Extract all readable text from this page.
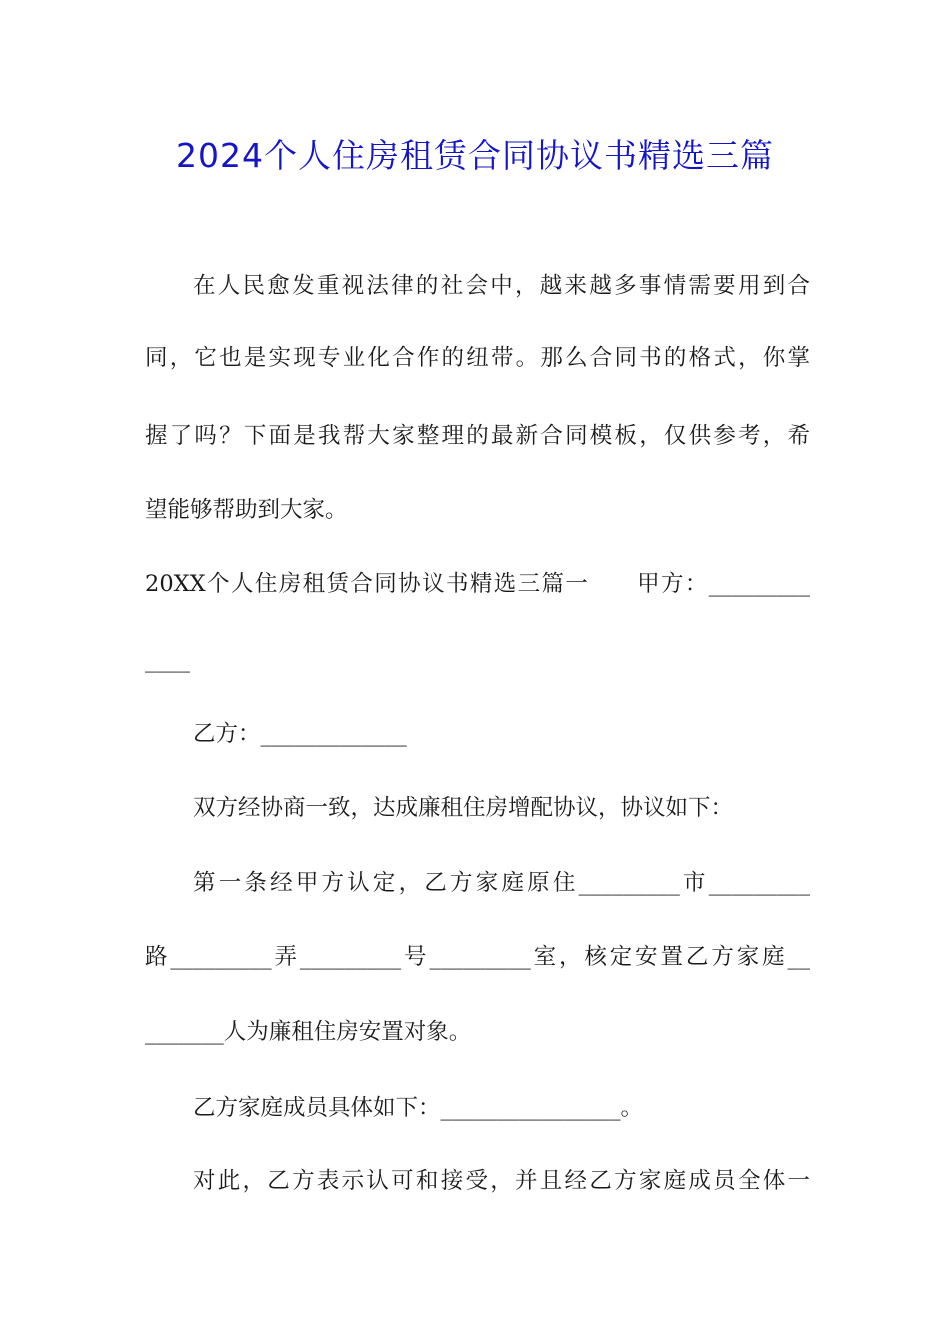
2024个人住房租赁合同协议书精选三篇
在人民愈发重视法律的社会中，越来越多事情需要用到合
同，它也是实现专业化合作的纽带。那么合同书的格式，你掌
握了吗？下面是我帮大家整理的最新合同模板，仅供参考，希
望能够帮助到大家。
20XX个人住房租赁合同协议书精选三篇一　　甲方：_________
____
乙方：_____________
双方经协商一致，达成廉租住房增配协议，协议如下：
第一条经甲方认定，乙方家庭原住_________市_________
路_________弄_________号_________室，核定安置乙方家庭__
_______人为廉租住房安置对象。
乙方家庭成员具体如下：________________。
对此，乙方表示认可和接受，并且经乙方家庭成员全体一
